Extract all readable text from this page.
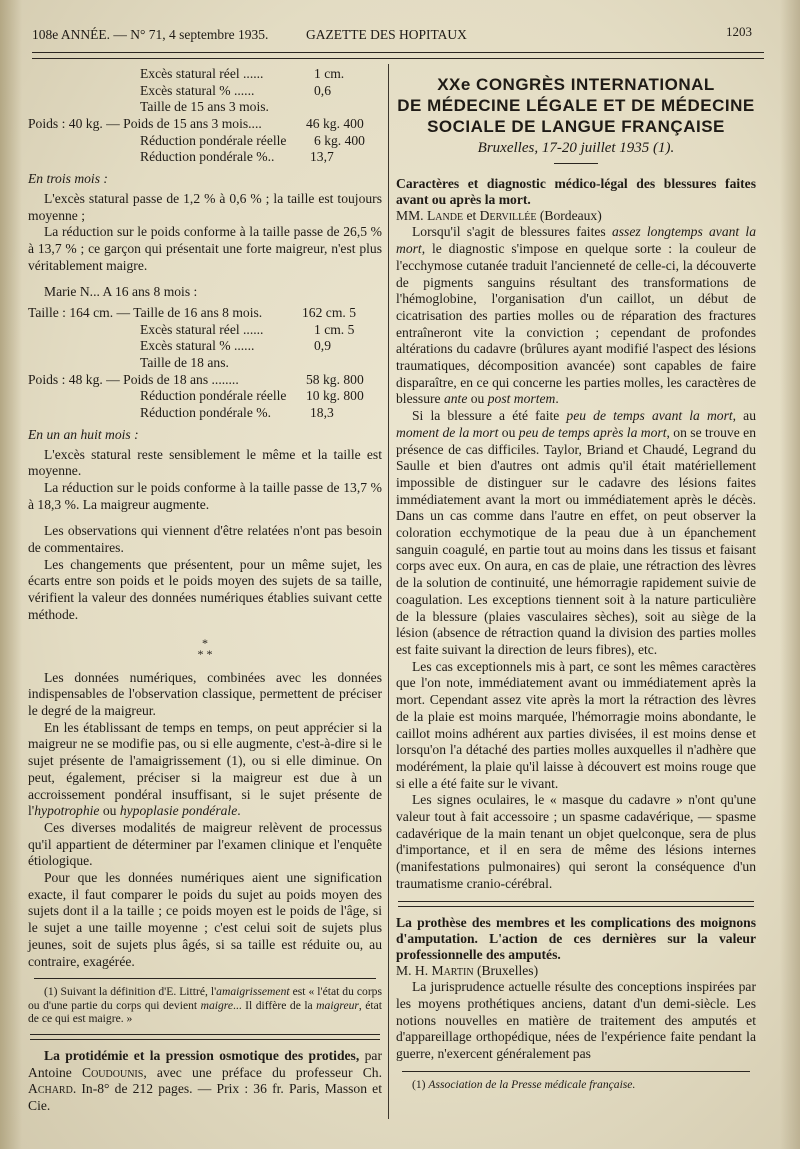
108e ANNÉE. — N° 71, 4 septembre 1935.	GAZETTE DES HOPITAUX	1203
Excès statural réel ......	1 cm.
Excès statural % ......	0,6
Taille de 15 ans 3 mois.
Poids : 40 kg. — Poids de 15 ans 3 mois....	46 kg. 400
Réduction pondérale réelle 6 kg. 400
Réduction pondérale %..	13,7

En trois mois :

L'excès statural passe de 1,2 % à 0,6 % ; la taille est toujours moyenne ;

La réduction sur le poids conforme à la taille passe de 26,5 % à 13,7 % ; ce garçon qui présentait une forte maigreur, n'est plus véritablement maigre.

Marie N... A 16 ans 8 mois :

Taille : 164 cm. — Taille de 16 ans 8 mois.	162 cm. 5
Excès statural réel ......	1 cm. 5
Excès statural % ......	0,9
Taille de 18 ans.
Poids : 48 kg. — Poids de 18 ans ........	58 kg. 800
Réduction pondérale réelle 10 kg. 800
Réduction pondérale %.	18,3

En un an huit mois :

L'excès statural reste sensiblement le même et la taille est moyenne.

La réduction sur le poids conforme à la taille passe de 13,7 % à 18,3 %. La maigreur augmente.

Les observations qui viennent d'être relatées n'ont pas besoin de commentaires.

Les changements que présentent, pour un même sujet, les écarts entre son poids et le poids moyen des sujets de sa taille, vérifient la valeur des données numériques établies suivant cette méthode.

*
* *

Les données numériques, combinées avec les données indispensables de l'observation classique, permettent de préciser le degré de la maigreur.

En les établissant de temps en temps, on peut apprécier si la maigreur ne se modifie pas, ou si elle augmente, c'est-à-dire si le sujet présente de l'amaigrissement (1), ou si elle diminue. On peut, également, préciser si la maigreur est due à un accroissement pondéral insuffisant, si le sujet présente de l'hypotrophie ou hypoplasie pondérale.

Ces diverses modalités de maigreur relèvent de processus qu'il appartient de déterminer par l'examen clinique et l'enquête étiologique.

Pour que les données numériques aient une signification exacte, il faut comparer le poids du sujet au poids moyen des sujets dont il a la taille ; ce poids moyen est le poids de l'âge, si le sujet a une taille moyenne ; c'est celui soit de sujets plus jeunes, soit de sujets plus âgés, si sa taille est réduite ou, au contraire, exagérée.

(1) Suivant la définition d'E. Littré, l'amaigrissement est « l'état du corps ou d'une partie du corps qui devient maigre... Il diffère de la maigreur, état de ce qui est maigre. »

La protidémie et la pression osmotique des protides, par Antoine Coudounis, avec une préface du professeur Ch. Achard. In-8° de 212 pages. — Prix : 36 fr. Paris, Masson et Cie.

XXe CONGRÈS INTERNATIONAL
DE MÉDECINE LÉGALE ET DE MÉDECINE
SOCIALE DE LANGUE FRANÇAISE
Bruxelles, 17-20 juillet 1935 (1).

Caractères et diagnostic médico-légal des blessures faites avant ou après la mort.

MM. Lande et Dervillée (Bordeaux)

Lorsqu'il s'agit de blessures faites assez longtemps avant la mort, le diagnostic s'impose en quelque sorte : la couleur de l'ecchymose cutanée traduit l'ancienneté de celle-ci, la découverte de pigments sanguins résultant des transformations de l'hémoglobine, l'organisation d'un caillot, un début de cicatrisation des parties molles ou de réparation des fractures entraîneront vite la conviction ; cependant de profondes altérations du cadavre (brûlures ayant modifié l'aspect des lésions traumatiques, décomposition avancée) sont capables de faire disparaître, en ce qui concerne les parties molles, les caractères de blessure ante ou post mortem.

Si la blessure a été faite peu de temps avant la mort, au moment de la mort ou peu de temps après la mort, on se trouve en présence de cas difficiles. Taylor, Briand et Chaudé, Legrand du Saulle et bien d'autres ont admis qu'il était matériellement impossible de distinguer sur le cadavre des lésions faites immédiatement avant la mort ou immédiatement après le décès. Dans un cas comme dans l'autre en effet, on peut observer la coloration ecchymotique de la peau due à un épanchement sanguin coagulé, en partie tout au moins dans les tissus et faisant corps avec eux. On aura, en cas de plaie, une rétraction des lèvres de la solution de continuité, une hémorragie rapidement suivie de coagulation. Les exceptions tiennent soit à la nature particulière de la blessure (plaies vasculaires sèches), soit au siège de la lésion (absence de rétraction quand la division des parties molles est faite suivant la direction de leurs fibres), etc.

Les cas exceptionnels mis à part, ce sont les mêmes caractères que l'on note, immédiatement avant ou immédiatement après la mort. Cependant assez vite après la mort la rétraction des lèvres de la plaie est moins marquée, l'hémorragie moins abondante, le caillot moins adhérent aux parties divisées, il est moins dense et lorsqu'on l'a détaché des parties molles auxquelles il n'adhère que modérément, la plaie qu'il laisse à découvert est moins rouge que si elle a été faite sur le vivant.

Les signes oculaires, le « masque du cadavre » n'ont qu'une valeur tout à fait accessoire ; un spasme cadavérique, — spasme cadavérique de la main tenant un objet quelconque, sera de plus d'importance, et il en sera de même des lésions internes (manifestations pulmonaires) qui seront la conséquence d'un traumatisme cranio-cérébral.

La prothèse des membres et les complications des moignons d'amputation. L'action de ces dernières sur la valeur professionnelle des amputés.

M. H. Martin (Bruxelles)

La jurisprudence actuelle résulte des conceptions inspirées par les moyens prothétiques anciens, datant d'un demi-siècle. Les notions nouvelles en matière de traitement des amputés et d'appareillage orthopédique, nées de l'expérience faite pendant la guerre, n'exercent généralement pas

(1) Association de la Presse médicale française.
